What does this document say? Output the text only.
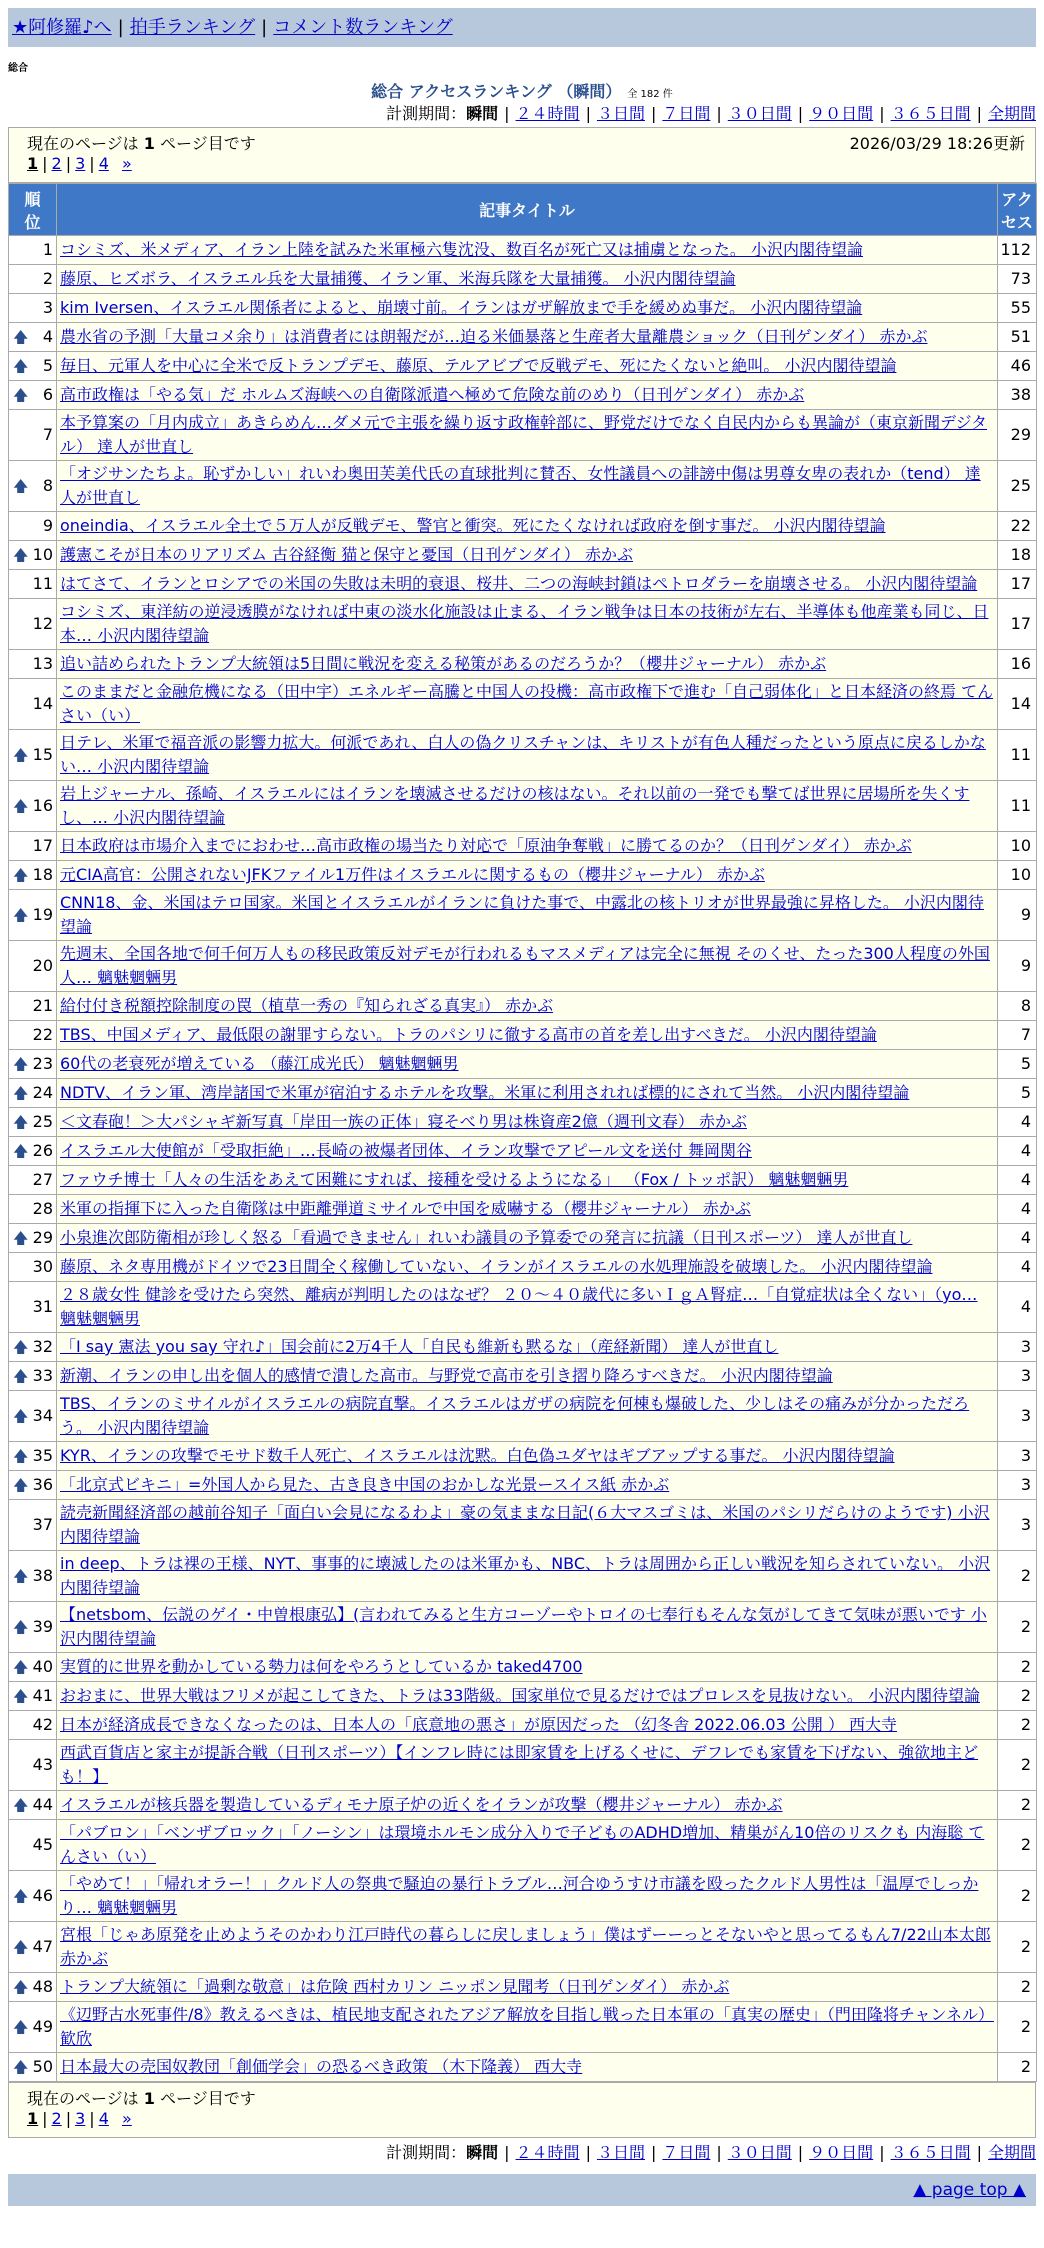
★阿修羅♪へ | 拍手ランキング | コメント数ランキング
総合
総合 アクセスランキング （瞬間） 全 182 件
計測期間：瞬間 | ２４時間 | ３日間 | ７日間 | ３０日間 | ９０日間 | ３６５日間 | 全期間
現在のページは 1 ページ目です	2026/03/29 18:26更新
1 | 2 | 3 | 4 »
順
位	記事タイトル	アク
セス
1	コシミズ、米メディア、イラン上陸を試みた米軍極六隻沈没、数百名が死亡又は捕虜となった。 小沢内閣待望論	112
2	藤原、ヒズボラ、イスラエル兵を大量捕獲、イラン軍、米海兵隊を大量捕獲。 小沢内閣待望論	73
3	kim Iversen、イスラエル関係者によると、崩壊寸前。イランはガザ解放まで手を緩めぬ事だ。 小沢内閣待望論	55

🡅 4	農水省の予測「大量コメ余り」は消費者には朗報だが…迫る米価暴落と生産者大量離農ショック（日刊ゲンダイ） 赤かぶ	51

🡅 5	毎日、元軍人を中心に全米で反トランプデモ、藤原、テルアビブで反戦デモ、死にたくないと絶叫。 小沢内閣待望論	46

🡅 6	高市政権は「やる気」だ ホルムズ海峡への自衛隊派遣へ極めて危険な前のめり（日刊ゲンダイ） 赤かぶ	38
7	本予算案の「月内成立」あきらめん…ダメ元で主張を繰り返す政権幹部に、野党だけでなく自民内からも異論が（東京新聞デジタル） 達人が世直し	29

🡅 8	「オジサンたちよ。恥ずかしい」れいわ奥田芙美代氏の直球批判に賛否、女性議員への誹謗中傷は男尊女卑の表れか（tend） 達人が世直し	25
9	oneindia、イスラエル全土で５万人が反戦デモ、警官と衝突。死にたくなければ政府を倒す事だ。 小沢内閣待望論	22

🡅 10	護憲こそが日本のリアリズム 古谷経衡 猫と保守と憂国（日刊ゲンダイ） 赤かぶ	18
11	はてさて、イランとロシアでの米国の失敗は未明的衰退、桜井、二つの海峡封鎖はペトロダラーを崩壊させる。 小沢内閣待望論	17
12	コシミズ、東洋紡の逆浸透膜がなければ中東の淡水化施設は止まる、イラン戦争は日本の技術が左右、半導体も他産業も同じ、日本… 小沢内閣待望論	17
13	追い詰められたトランプ大統領は5日間に戦況を変える秘策があるのだろうか？（櫻井ジャーナル） 赤かぶ	16
14	このままだと金融危機になる（田中宇）エネルギー高騰と中国人の投機：高市政権下で進む「自己弱体化」と日本経済の終焉 てんさい（い）	14

🡅 15	日テレ、米軍で福音派の影響力拡大。何派であれ、白人の偽クリスチャンは、キリストが有色人種だったという原点に戻るしかない… 小沢内閣待望論	11

🡅 16	岩上ジャーナル、孫崎、イスラエルにはイランを壊滅させるだけの核はない。それ以前の一発でも撃てば世界に居場所を失くすし、… 小沢内閣待望論	11
17	日本政府は市場介入までにおわせ…高市政権の場当たり対応で「原油争奪戦」に勝てるのか？（日刊ゲンダイ） 赤かぶ	10

🡅 18	元CIA高官：公開されないJFKファイル1万件はイスラエルに関するもの（櫻井ジャーナル） 赤かぶ	10

🡅 19	CNN18、金、米国はテロ国家。米国とイスラエルがイランに負けた事で、中露北の核トリオが世界最強に昇格した。 小沢内閣待望論	9
20	先週末、全国各地で何千何万人もの移民政策反対デモが行われるもマスメディアは完全に無視 そのくせ、たった300人程度の外国人… 魑魅魍魎男	9
21	給付付き税額控除制度の罠（植草一秀の『知られざる真実』） 赤かぶ	8
22	TBS、中国メディア、最低限の謝罪すらない。トラのパシリに徹する高市の首を差し出すべきだ。 小沢内閣待望論	7

🡅 23	60代の老衰死が増えている （藤江成光氏） 魑魅魍魎男	5

🡅 24	NDTV、イラン軍、湾岸諸国で米軍が宿泊するホテルを攻撃。米軍に利用されれば標的にされて当然。 小沢内閣待望論	5

🡅 25	＜文春砲！＞大パシャギ新写真「岸田一族の正体」寝そべり男は株資産2億（週刊文春） 赤かぶ	4

🡅 26	イスラエル大使館が「受取拒絶」…長崎の被爆者団体、イラン攻撃でアピール文を送付 舞岡関谷	4
27	ファウチ博士「人々の生活をあえて困難にすれば、接種を受けるようになる」 （Fox / トッポ訳） 魑魅魍魎男	4
28	米軍の指揮下に入った自衛隊は中距離弾道ミサイルで中国を威嚇する（櫻井ジャーナル） 赤かぶ	4

🡅 29	小泉進次郎防衛相が珍しく怒る「看過できません」れいわ議員の予算委での発言に抗議（日刊スポーツ） 達人が世直し	4
30	藤原、ネタ専用機がドイツで23日間全く稼働していない、イランがイスラエルの水処理施設を破壊した。 小沢内閣待望論	4
31	２８歳女性 健診を受けたら突然、離病が判明したのはなぜ？ ２０～４０歳代に多いＩｇＡ腎症…「自覚症状は全くない」（yo… 魑魅魍魎男	4

🡅 32	「I say 憲法 you say 守れ♪」国会前に2万4千人「自民も維新も黙るな」（産経新聞） 達人が世直し	3

🡅 33	新潮、イランの申し出を個人的感情で潰した高市。与野党で高市を引き摺り降ろすべきだ。 小沢内閣待望論	3

🡅 34	TBS、イランのミサイルがイスラエルの病院直撃。イスラエルはガザの病院を何棟も爆破した、少しはその痛みが分かっただろう。 小沢内閣待望論	3

🡅 35	KYR、イランの攻撃でモサド数千人死亡、イスラエルは沈黙。白色偽ユダヤはギブアップする事だ。 小沢内閣待望論	3

🡅 36	「北京式ビキニ」=外国人から見た、古き良き中国のおかしな光景ースイス紙 赤かぶ	3
37	読売新聞経済部の越前谷知子「面白い会見になるわよ」豪の気ままな日記(６大マスゴミは、米国のパシリだらけのようです) 小沢内閣待望論	3

🡅 38	in deep、トラは裸の王様、NYT、事事的に壊滅したのは米軍かも、NBC、トラは周囲から正しい戦況を知らされていない。 小沢内閣待望論	2

🡅 39	【netsbom、伝説のゲイ・中曽根康弘】(言われてみると生方コーゾーやトロイの七奉行もそんな気がしてきて気味が悪いです 小沢内閣待望論	2

🡅 40	実質的に世界を動かしている勢力は何をやろうとしているか taked4700	2

🡅 41	おおまに、世界大戦はフリメが起こしてきた、トラは33階級。国家単位で見るだけではプロレスを見抜けない。 小沢内閣待望論	2
42	日本が経済成長できなくなったのは、日本人の「底意地の悪さ」が原因だった （幻冬舎 2022.06.03 公開 ） 西大寺	2
43	西武百貨店と家主が提訴合戦（日刊スポーツ）【インフレ時には即家賃を上げるくせに、デフレでも家賃を下げない、強欲地主ども！】	2

🡅 44	イスラエルが核兵器を製造しているディモナ原子炉の近くをイランが攻撃（櫻井ジャーナル） 赤かぶ	2
45	「パブロン」「ベンザブロック」「ノーシン」は環境ホルモン成分入りで子どものADHD増加、精巣がん10倍のリスクも 内海聡 てんさい（い）	2

🡅 46	「やめて！」「帰れオラー！」クルド人の祭典で騒迫の暴行トラブル…河合ゆうすけ市議を殴ったクルド人男性は「温厚でしっかり… 魑魅魍魎男	2

🡅 47	宮根「じゃあ原発を止めようそのかわり江戸時代の暮らしに戻しましょう」僕はずーーっとそないやと思ってるもん7/22山本太郎 赤かぶ	2

🡅 48	トランプ大統領に「過剰な敬意」は危険 西村カリン ニッポン見聞考（日刊ゲンダイ） 赤かぶ	2

🡅 49	《辺野古水死事件/8》教えるべきは、植民地支配されたアジア解放を目指し戦った日本軍の「真実の歴史」（門田隆将チャンネル） 歓欣	2

🡅 50	日本最大の売国奴教団「創価学会」の恐るべき政策 （木下隆義） 西大寺	2
現在のページは 1 ページ目です
1 | 2 | 3 | 4 »
計測期間：瞬間 | ２４時間 | ３日間 | ７日間 | ３０日間 | ９０日間 | ３６５日間 | 全期間
▲ page top ▲
